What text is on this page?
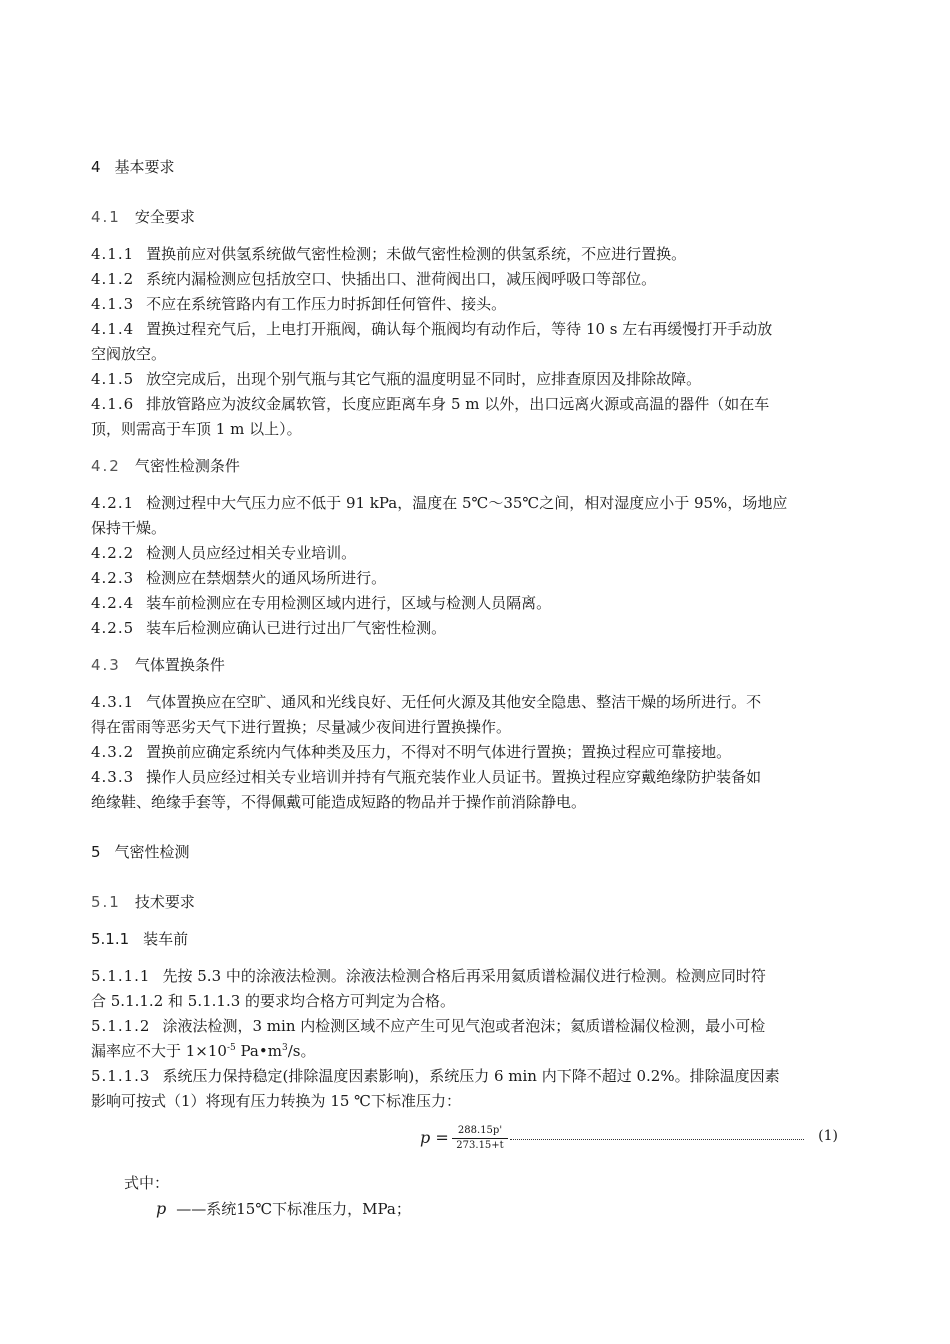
4 基本要求
4.1 安全要求
4.1.1 置换前应对供氢系统做气密性检测；未做气密性检测的供氢系统，不应进行置换。
4.1.2 系统内漏检测应包括放空口、快插出口、泄荷阀出口，减压阀呼吸口等部位。
4.1.3 不应在系统管路内有工作压力时拆卸任何管件、接头。
4.1.4 置换过程充气后，上电打开瓶阀，确认每个瓶阀均有动作后，等待 10 s 左右再缓慢打开手动放
空阀放空。
4.1.5 放空完成后，出现个别气瓶与其它气瓶的温度明显不同时，应排查原因及排除故障。
4.1.6 排放管路应为波纹金属软管，长度应距离车身 5 m 以外，出口远离火源或高温的器件（如在车
顶，则需高于车顶 1 m 以上）。
4.2 气密性检测条件
4.2.1 检测过程中大气压力应不低于 91 kPa，温度在 5℃～35℃之间，相对湿度应小于 95%，场地应
保持干燥。
4.2.2 检测人员应经过相关专业培训。
4.2.3 检测应在禁烟禁火的通风场所进行。
4.2.4 装车前检测应在专用检测区域内进行，区域与检测人员隔离。
4.2.5 装车后检测应确认已进行过出厂气密性检测。
4.3 气体置换条件
4.3.1 气体置换应在空旷、通风和光线良好、无任何火源及其他安全隐患、整洁干燥的场所进行。不
得在雷雨等恶劣天气下进行置换；尽量减少夜间进行置换操作。
4.3.2 置换前应确定系统内气体种类及压力，不得对不明气体进行置换；置换过程应可靠接地。
4.3.3 操作人员应经过相关专业培训并持有气瓶充装作业人员证书。置换过程应穿戴绝缘防护装备如
绝缘鞋、绝缘手套等，不得佩戴可能造成短路的物品并于操作前消除静电。
5 气密性检测
5.1 技术要求
5.1.1 装车前
5.1.1.1 先按 5.3 中的涂液法检测。涂液法检测合格后再采用氦质谱检漏仪进行检测。检测应同时符
合 5.1.1.2 和 5.1.1.3 的要求均合格方可判定为合格。
5.1.1.2 涂液法检测，3 min 内检测区域不应产生可见气泡或者泡沫；氦质谱检漏仪检测，最小可检
漏率应不大于 $1\times 10^{-5}$ $Pa•m^3/s$。
5.1.1.3 系统压力保持稳定(排除温度因素影响)，系统压力 6 min 内下降不超过 0.2%。排除温度因素
影响可按式（1）将现有压力转换为 15 ℃下标准压力：
$p = \frac{288.15p'}{273.15+t}$	(1)
式中：
p ——系统15℃下标准压力，MPa；
